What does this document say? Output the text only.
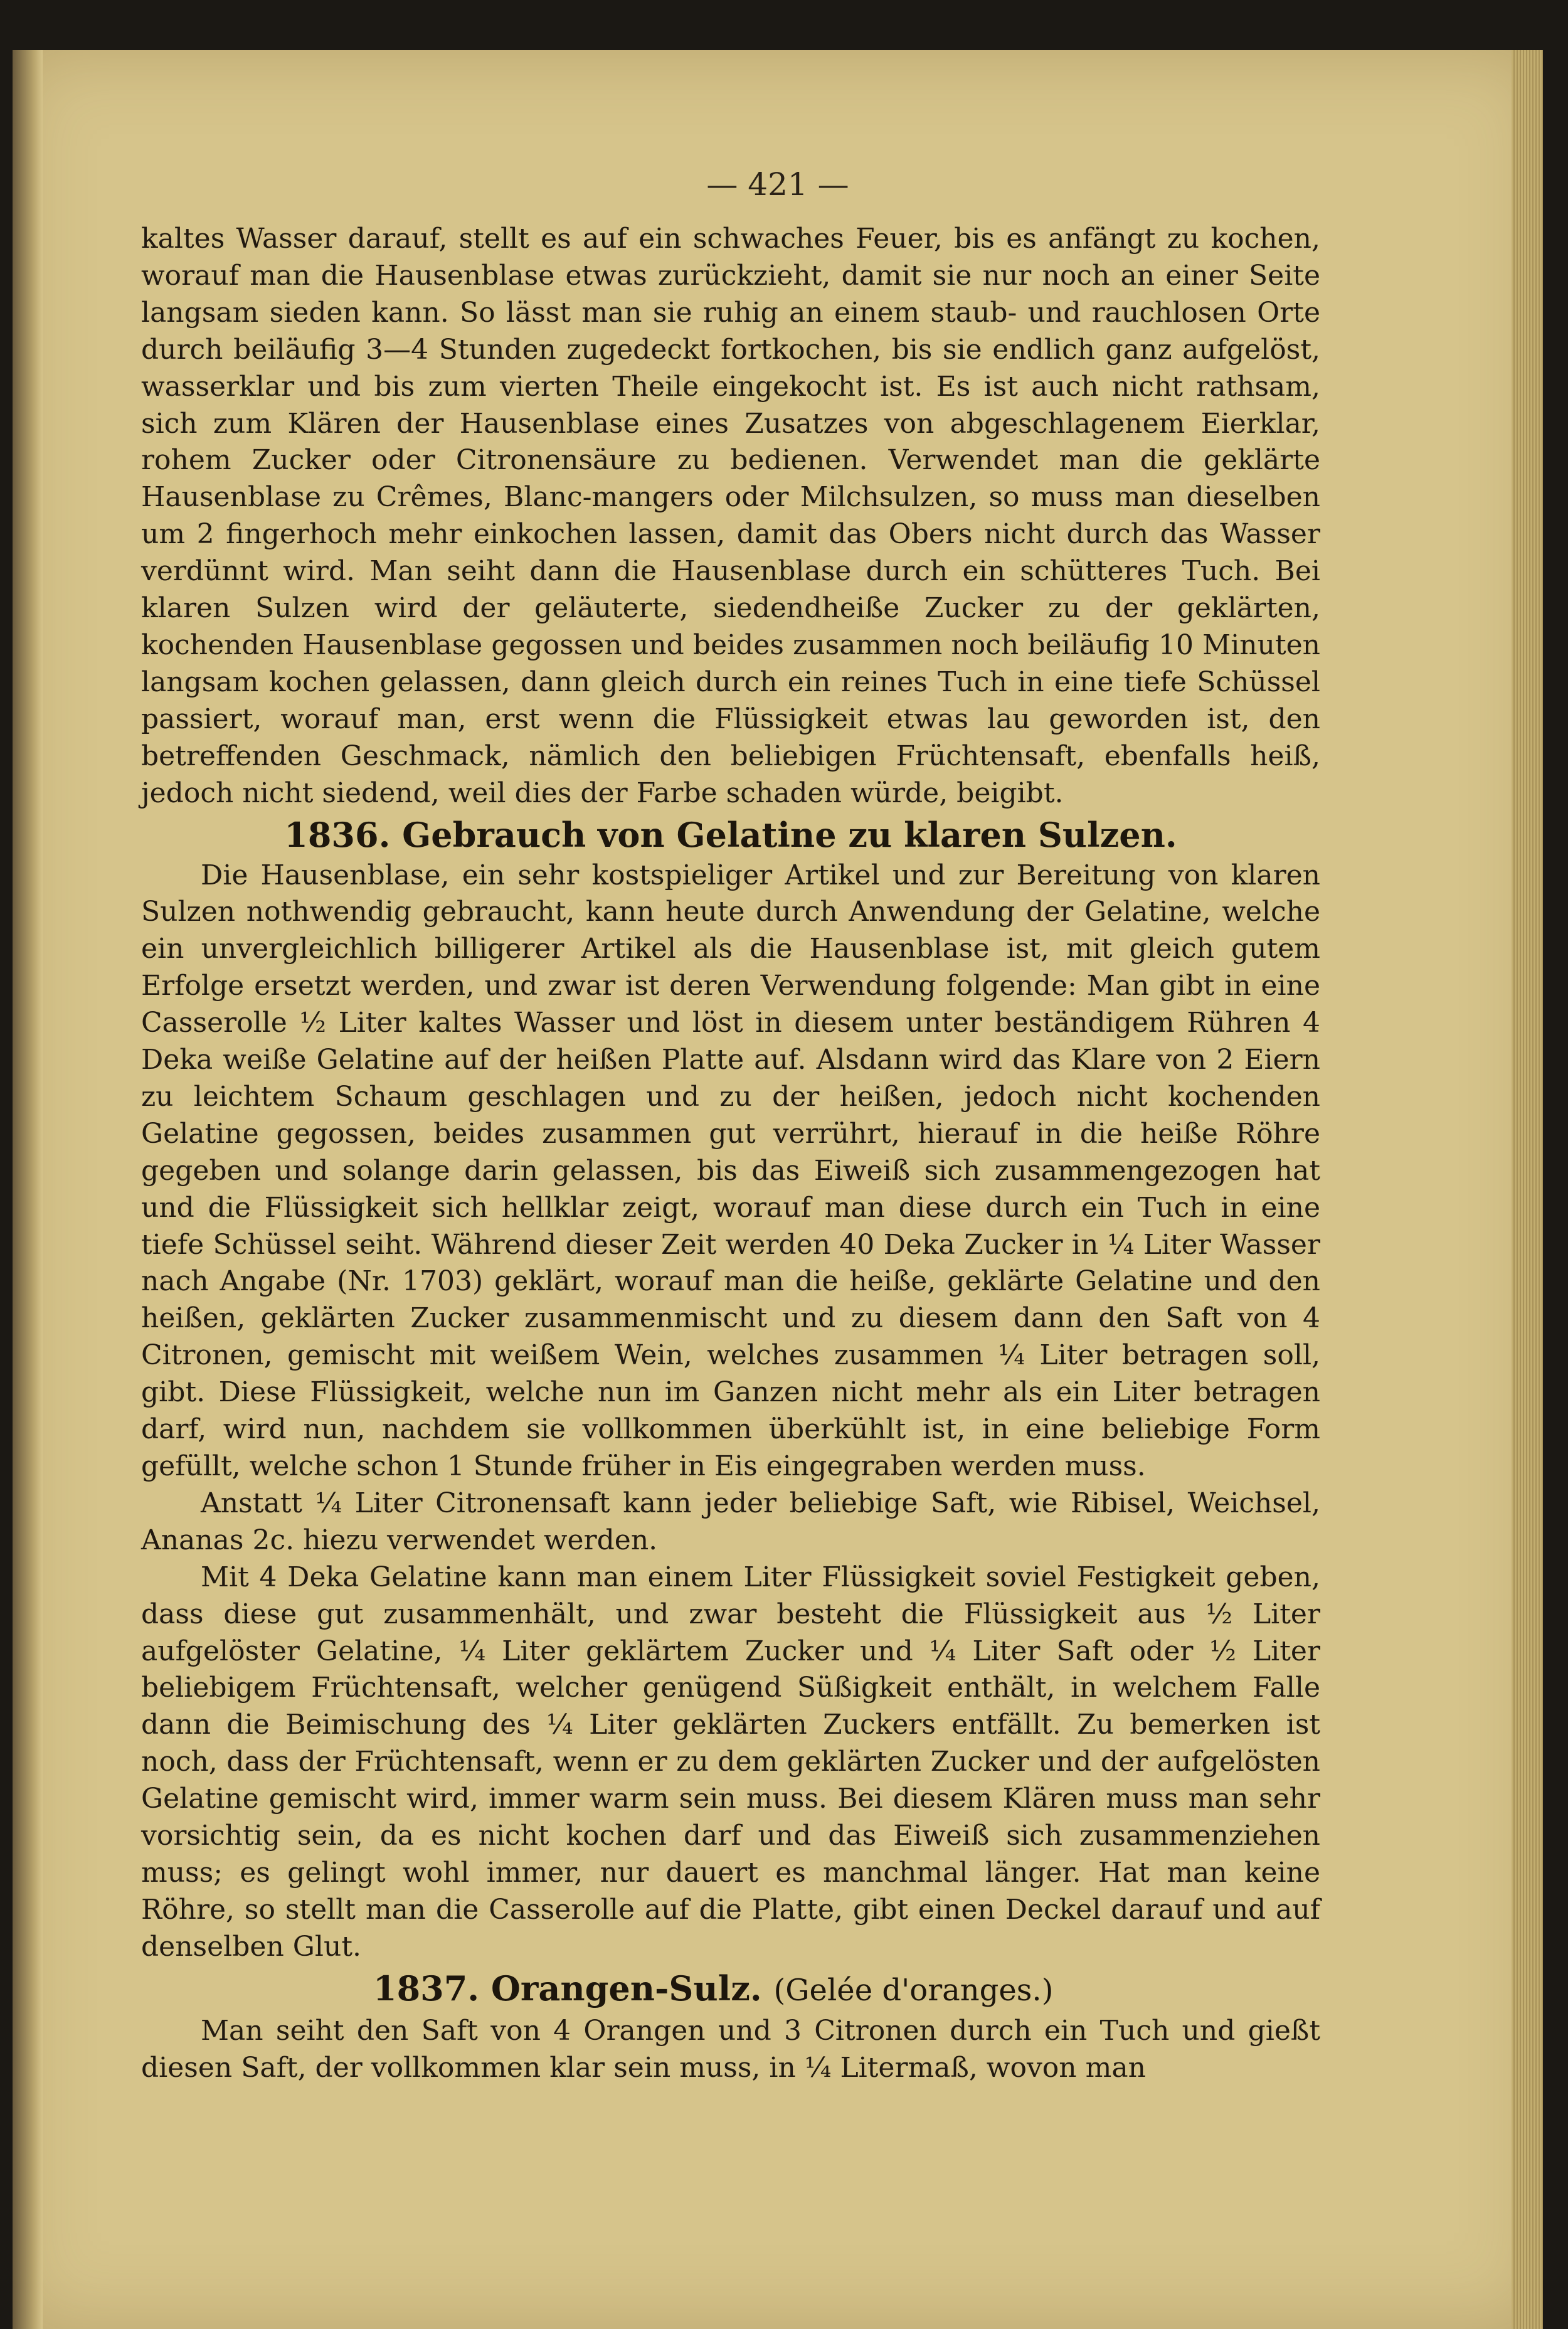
— 421 —

kaltes Wasser darauf, stellt es auf ein schwaches Feuer, bis es anfängt zu kochen, worauf man die Hausenblase etwas zurückzieht, damit sie nur noch an einer Seite langsam sieden kann. So lässt man sie ruhig an einem staub- und rauchlosen Orte durch beiläufig 3—4 Stunden zugedeckt fortkochen, bis sie endlich ganz aufgelöst, wasserklar und bis zum vierten Theile eingekocht ist. Es ist auch nicht rathsam, sich zum Klären der Hausenblase eines Zusatzes von abgeschlagenem Eierklar, rohem Zucker oder Citronensäure zu bedienen. Verwendet man die geklärte Hausenblase zu Crêmes, Blanc-mangers oder Milchsulzen, so muss man dieselben um 2 fingerhoch mehr einkochen lassen, damit das Obers nicht durch das Wasser verdünnt wird. Man seiht dann die Hausenblase durch ein schütteres Tuch. Bei klaren Sulzen wird der geläuterte, siedendheiße Zucker zu der geklärten, kochenden Hausenblase gegossen und beides zusammen noch beiläufig 10 Minuten langsam kochen gelassen, dann gleich durch ein reines Tuch in eine tiefe Schüssel passiert, worauf man, erst wenn die Flüssigkeit etwas lau geworden ist, den betreffenden Geschmack, nämlich den beliebigen Früchtensaft, ebenfalls heiß, jedoch nicht siedend, weil dies der Farbe schaden würde, beigibt.

1836. Gebrauch von Gelatine zu klaren Sulzen.

Die Hausenblase, ein sehr kostspieliger Artikel und zur Bereitung von klaren Sulzen nothwendig gebraucht, kann heute durch Anwendung der Gelatine, welche ein unvergleichlich billigerer Artikel als die Hausenblase ist, mit gleich gutem Erfolge ersetzt werden, und zwar ist deren Verwendung folgende: Man gibt in eine Casserolle ½ Liter kaltes Wasser und löst in diesem unter beständigem Rühren 4 Deka weiße Gelatine auf der heißen Platte auf. Alsdann wird das Klare von 2 Eiern zu leichtem Schaum geschlagen und zu der heißen, jedoch nicht kochenden Gelatine gegossen, beides zusammen gut verrührt, hierauf in die heiße Röhre gegeben und solange darin gelassen, bis das Eiweiß sich zusammengezogen hat und die Flüssigkeit sich hellklar zeigt, worauf man diese durch ein Tuch in eine tiefe Schüssel seiht. Während dieser Zeit werden 40 Deka Zucker in ¼ Liter Wasser nach Angabe (Nr. 1703) geklärt, worauf man die heiße, geklärte Gelatine und den heißen, geklärten Zucker zusammenmischt und zu diesem dann den Saft von 4 Citronen, gemischt mit weißem Wein, welches zusammen ¼ Liter betragen soll, gibt. Diese Flüssigkeit, welche nun im Ganzen nicht mehr als ein Liter betragen darf, wird nun, nachdem sie vollkommen überkühlt ist, in eine beliebige Form gefüllt, welche schon 1 Stunde früher in Eis eingegraben werden muss.

Anstatt ¼ Liter Citronensaft kann jeder beliebige Saft, wie Ribisel, Weichsel, Ananas 2c. hiezu verwendet werden.

Mit 4 Deka Gelatine kann man einem Liter Flüssigkeit soviel Festigkeit geben, dass diese gut zusammenhält, und zwar besteht die Flüssigkeit aus ½ Liter aufgelöster Gelatine, ¼ Liter geklärtem Zucker und ¼ Liter Saft oder ½ Liter beliebigem Früchtensaft, welcher genügend Süßigkeit enthält, in welchem Falle dann die Beimischung des ¼ Liter geklärten Zuckers entfällt. Zu bemerken ist noch, dass der Früchtensaft, wenn er zu dem geklärten Zucker und der aufgelösten Gelatine gemischt wird, immer warm sein muss. Bei diesem Klären muss man sehr vorsichtig sein, da es nicht kochen darf und das Eiweiß sich zusammenziehen muss; es gelingt wohl immer, nur dauert es manchmal länger. Hat man keine Röhre, so stellt man die Casserolle auf die Platte, gibt einen Deckel darauf und auf denselben Glut.

1837. Orangen-Sulz. (Gelée d'oranges.)

Man seiht den Saft von 4 Orangen und 3 Citronen durch ein Tuch und gießt diesen Saft, der vollkommen klar sein muss, in ¼ Litermaß, wovon man
